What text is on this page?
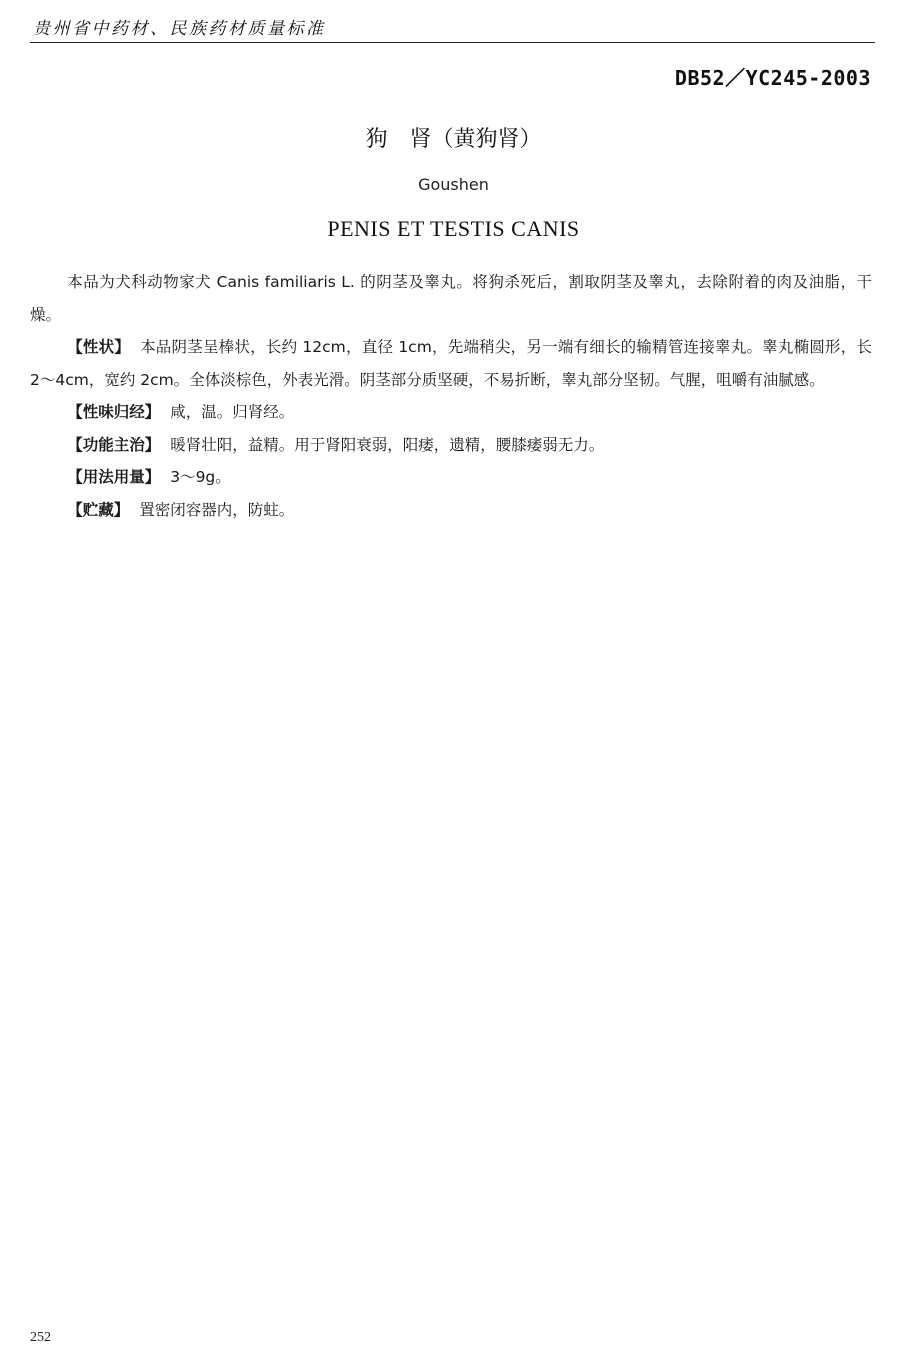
贵州省中药材、民族药材质量标准
DB52／YC245-2003
狗　肾（黄狗肾）
Goushen
PENIS ET TESTIS CANIS

本品为犬科动物家犬 Canis familiaris L. 的阴茎及睾丸。将狗杀死后，割取阴茎及睾丸，去除附着的肉及油脂，干燥。

【性状】 本品阴茎呈棒状，长约 12cm，直径 1cm，先端稍尖，另一端有细长的输精管连接睾丸。睾丸椭圆形，长 2～4cm，宽约 2cm。全体淡棕色，外表光滑。阴茎部分质坚硬，不易折断，睾丸部分坚韧。气腥，咀嚼有油腻感。

【性味归经】 咸，温。归肾经。

【功能主治】 暖肾壮阳，益精。用于肾阳衰弱，阳痿，遗精，腰膝痿弱无力。

【用法用量】 3～9g。

【贮藏】 置密闭容器内，防蛀。

252
